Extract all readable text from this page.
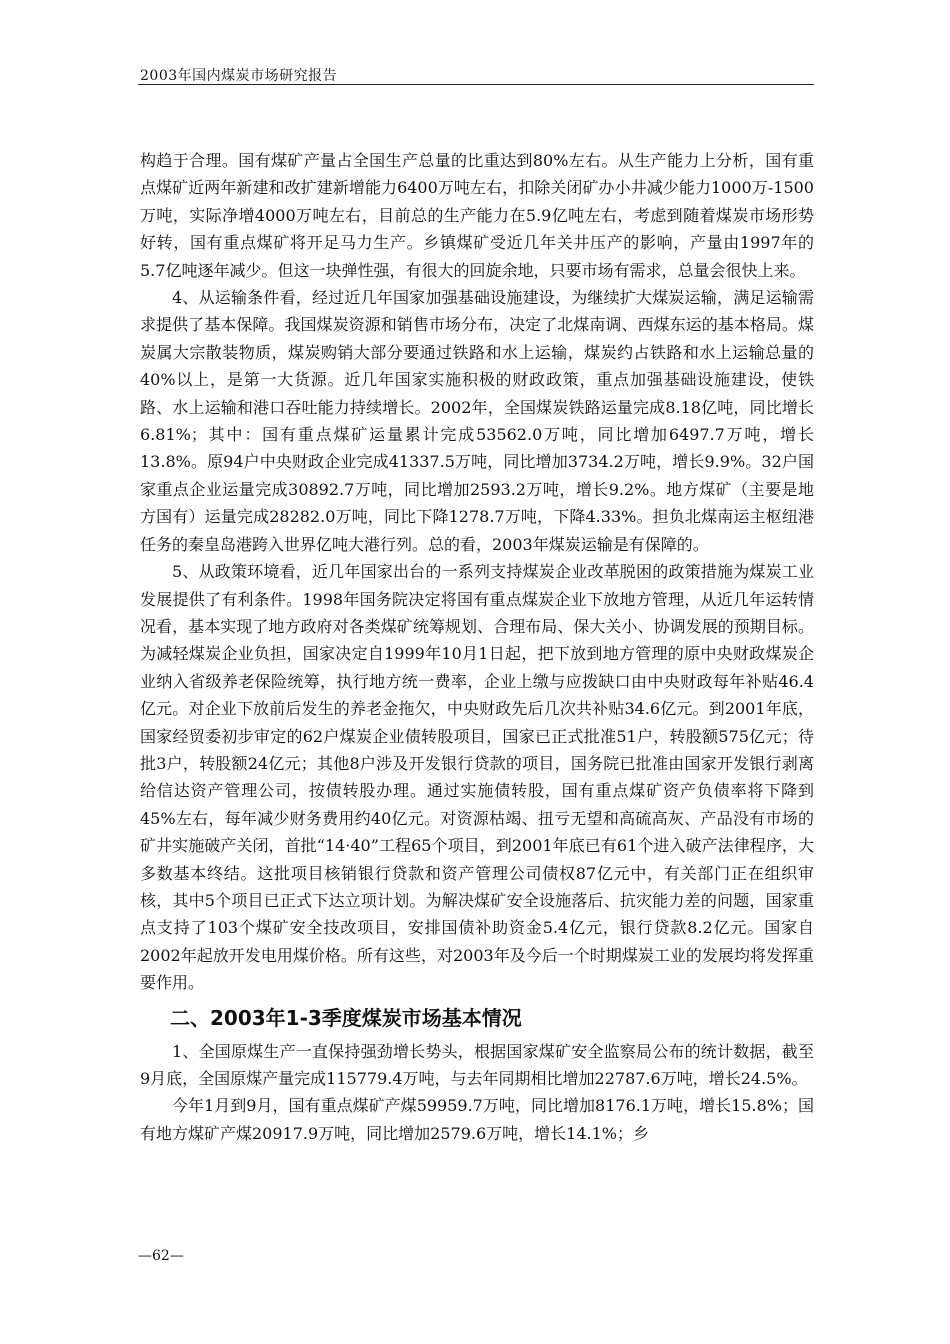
2003年国内煤炭市场研究报告

构趋于合理。国有煤矿产量占全国生产总量的比重达到80%左右。从生产能力上分析，国有重点煤矿近两年新建和改扩建新增能力6400万吨左右，扣除关闭矿办小井减少能力1000万-1500万吨，实际净增4000万吨左右，目前总的生产能力在5.9亿吨左右，考虑到随着煤炭市场形势好转，国有重点煤矿将开足马力生产。乡镇煤矿受近几年关井压产的影响，产量由1997年的5.7亿吨逐年减少。但这一块弹性强，有很大的回旋余地，只要市场有需求，总量会很快上来。

4、从运输条件看，经过近几年国家加强基础设施建设，为继续扩大煤炭运输，满足运输需求提供了基本保障。我国煤炭资源和销售市场分布，决定了北煤南调、西煤东运的基本格局。煤炭属大宗散装物质，煤炭购销大部分要通过铁路和水上运输，煤炭约占铁路和水上运输总量的40%以上，是第一大货源。近几年国家实施积极的财政政策，重点加强基础设施建设，使铁路、水上运输和港口吞吐能力持续增长。2002年，全国煤炭铁路运量完成8.18亿吨，同比增长6.81%；其中：国有重点煤矿运量累计完成53562.0万吨，同比增加6497.7万吨，增长13.8%。原94户中央财政企业完成41337.5万吨，同比增加3734.2万吨，增长9.9%。32户国家重点企业运量完成30892.7万吨，同比增加2593.2万吨，增长9.2%。地方煤矿（主要是地方国有）运量完成28282.0万吨，同比下降1278.7万吨，下降4.33%。担负北煤南运主枢纽港任务的秦皇岛港跨入世界亿吨大港行列。总的看，2003年煤炭运输是有保障的。

5、从政策环境看，近几年国家出台的一系列支持煤炭企业改革脱困的政策措施为煤炭工业发展提供了有利条件。1998年国务院决定将国有重点煤炭企业下放地方管理，从近几年运转情况看，基本实现了地方政府对各类煤矿统筹规划、合理布局、保大关小、协调发展的预期目标。为减轻煤炭企业负担，国家决定自1999年10月1日起，把下放到地方管理的原中央财政煤炭企业纳入省级养老保险统筹，执行地方统一费率，企业上缴与应拨缺口由中央财政每年补贴46.4亿元。对企业下放前后发生的养老金拖欠，中央财政先后几次共补贴34.6亿元。到2001年底，国家经贸委初步审定的62户煤炭企业债转股项目，国家已正式批准51户，转股额575亿元；待批3户，转股额24亿元；其他8户涉及开发银行贷款的项目，国务院已批准由国家开发银行剥离给信达资产管理公司，按债转股办理。通过实施债转股，国有重点煤矿资产负债率将下降到45%左右，每年减少财务费用约40亿元。对资源枯竭、扭亏无望和高硫高灰、产品没有市场的矿井实施破产关闭，首批“14·40”工程65个项目，到2001年底已有61个进入破产法律程序，大多数基本终结。这批项目核销银行贷款和资产管理公司债权87亿元中，有关部门正在组织审核，其中5个项目已正式下达立项计划。为解决煤矿安全设施落后、抗灾能力差的问题，国家重点支持了103个煤矿安全技改项目，安排国债补助资金5.4亿元，银行贷款8.2亿元。国家自2002年起放开发电用煤价格。所有这些，对2003年及今后一个时期煤炭工业的发展均将发挥重要作用。

二、2003年1-3季度煤炭市场基本情况

1、全国原煤生产一直保持强劲增长势头，根据国家煤矿安全监察局公布的统计数据，截至9月底，全国原煤产量完成115779.4万吨，与去年同期相比增加22787.6万吨，增长24.5%。

今年1月到9月，国有重点煤矿产煤59959.7万吨，同比增加8176.1万吨，增长15.8%；国有地方煤矿产煤20917.9万吨，同比增加2579.6万吨，增长14.1%；乡

—62—
